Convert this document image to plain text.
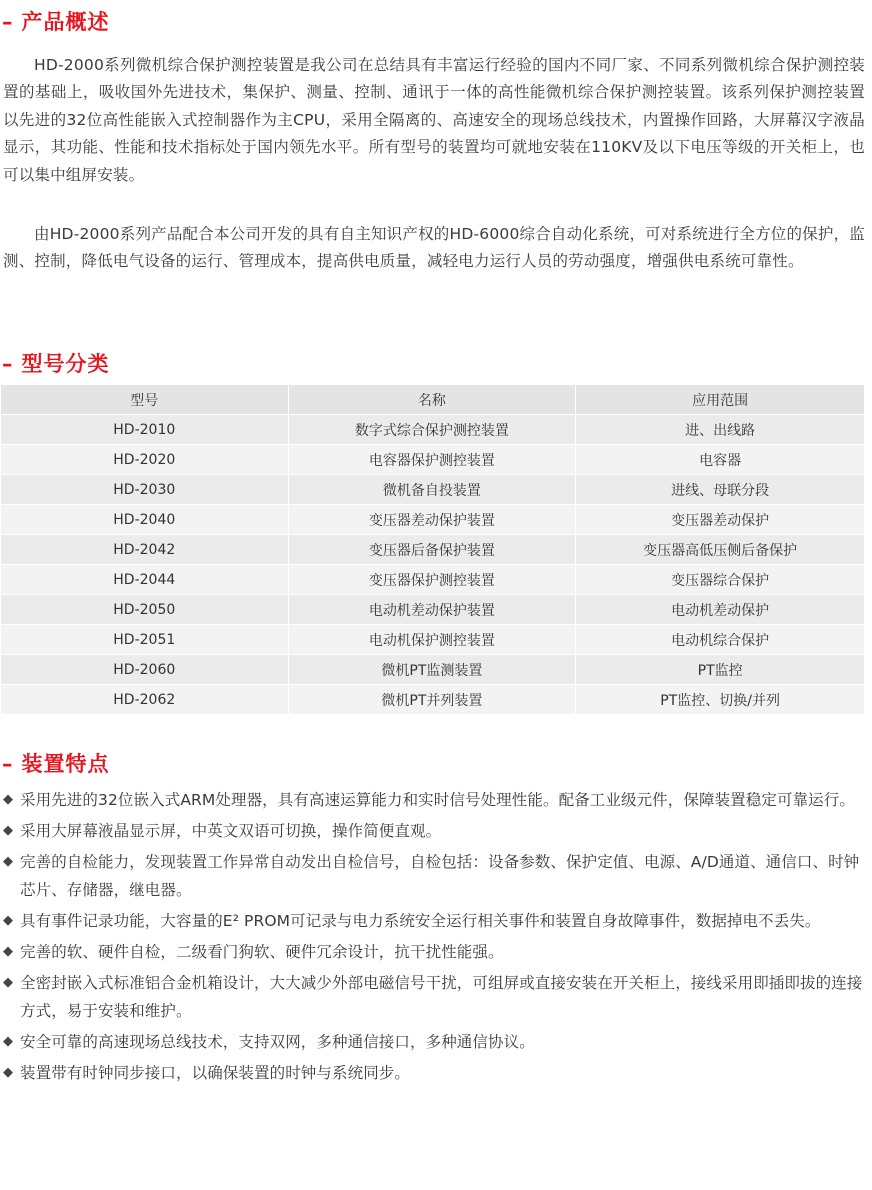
– 产品概述

HD-2000系列微机综合保护测控装置是我公司在总结具有丰富运行经验的国内不同厂家、不同系列微机综合保护测控装置的基础上，吸收国外先进技术，集保护、测量、控制、通讯于一体的高性能微机综合保护测控装置。该系列保护测控装置以先进的32位高性能嵌入式控制器作为主CPU，采用全隔离的、高速安全的现场总线技术，内置操作回路，大屏幕汉字液晶显示，其功能、性能和技术指标处于国内领先水平。所有型号的装置均可就地安装在110KV及以下电压等级的开关柜上，也可以集中组屏安装。

由HD-2000系列产品配合本公司开发的具有自主知识产权的HD-6000综合自动化系统，可对系统进行全方位的保护，监测、控制，降低电气设备的运行、管理成本，提高供电质量，减轻电力运行人员的劳动强度，增强供电系统可靠性。

– 型号分类
型号	名称	应用范围
HD-2010	数字式综合保护测控装置	进、出线路
HD-2020	电容器保护测控装置	电容器
HD-2030	微机备自投装置	进线、母联分段
HD-2040	变压器差动保护装置	变压器差动保护
HD-2042	变压器后备保护装置	变压器高低压侧后备保护
HD-2044	变压器保护测控装置	变压器综合保护
HD-2050	电动机差动保护装置	电动机差动保护
HD-2051	电动机保护测控装置	电动机综合保护
HD-2060	微机PT监测装置	PT监控
HD-2062	微机PT并列装置	PT监控、切换/并列
– 装置特点
◆ 采用先进的32位嵌入式ARM处理器，具有高速运算能力和实时信号处理性能。配备工业级元件，保障装置稳定可靠运行。
◆ 采用大屏幕液晶显示屏，中英文双语可切换，操作简便直观。
◆ 完善的自检能力，发现装置工作异常自动发出自检信号，自检包括：设备参数、保护定值、电源、A/D通道、通信口、时钟芯片、存储器，继电器。
◆ 具有事件记录功能，大容量的E² PROM可记录与电力系统安全运行相关事件和装置自身故障事件，数据掉电不丢失。
◆ 完善的软、硬件自检，二级看门狗软、硬件冗余设计，抗干扰性能强。
◆ 全密封嵌入式标准铝合金机箱设计，大大减少外部电磁信号干扰，可组屏或直接安装在开关柜上，接线采用即插即拔的连接方式，易于安装和维护。
◆ 安全可靠的高速现场总线技术，支持双网，多种通信接口，多种通信协议。
◆ 装置带有时钟同步接口，以确保装置的时钟与系统同步。
